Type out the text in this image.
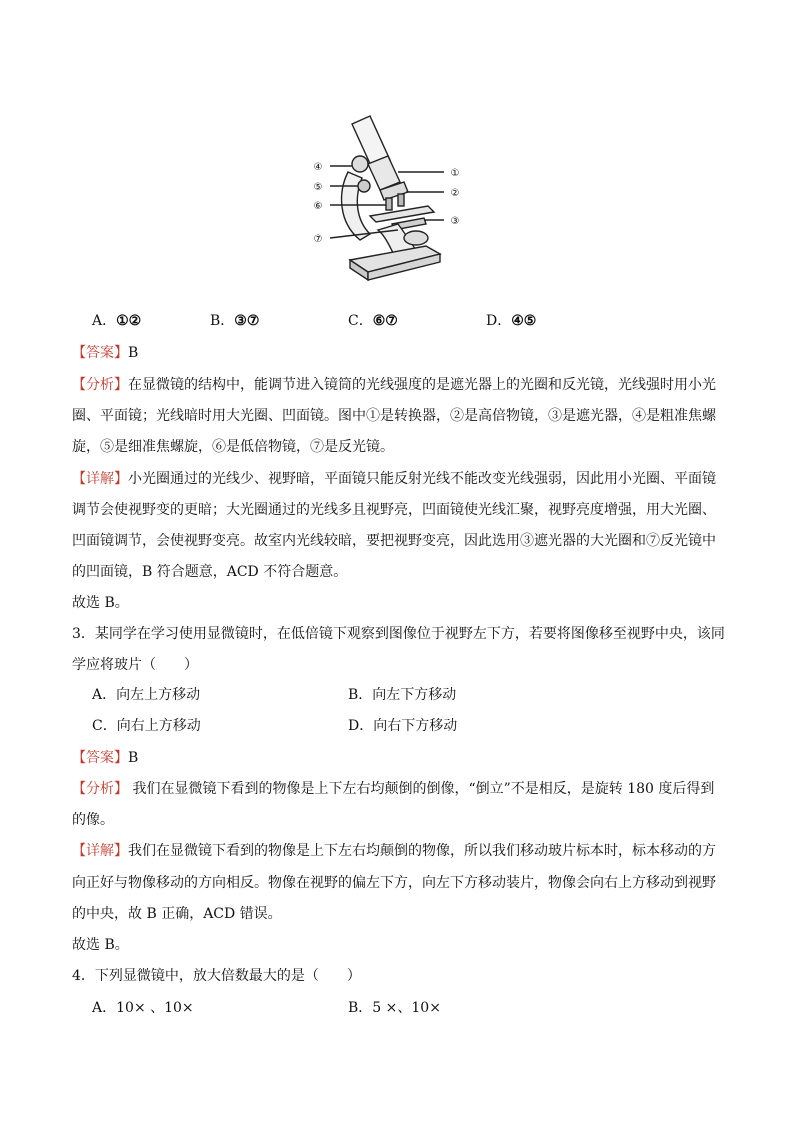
④
⑤
⑥
⑦
①
②
③
A．①②	B．③⑦	C．⑥⑦	D．④⑤
【答案】B
【分析】在显微镜的结构中，能调节进入镜筒的光线强度的是遮光器上的光圈和反光镜，光线强时用小光
圈、平面镜；光线暗时用大光圈、凹面镜。图中①是转换器，②是高倍物镜，③是遮光器，④是粗准焦螺
旋，⑤是细准焦螺旋，⑥是低倍物镜，⑦是反光镜。
【详解】小光圈通过的光线少、视野暗，平面镜只能反射光线不能改变光线强弱，因此用小光圈、平面镜
调节会使视野变的更暗；大光圈通过的光线多且视野亮，凹面镜使光线汇聚，视野亮度增强，用大光圈、
凹面镜调节，会使视野变亮。故室内光线较暗，要把视野变亮，因此选用③遮光器的大光圈和⑦反光镜中
的凹面镜，B 符合题意，ACD 不符合题意。
故选 B。
3．某同学在学习使用显微镜时，在低倍镜下观察到图像位于视野左下方，若要将图像移至视野中央，该同
学应将玻片（　　）
A．向左上方移动	B．向左下方移动
C．向右上方移动	D．向右下方移动
【答案】B
【分析】 我们在显微镜下看到的物像是上下左右均颠倒的倒像，“倒立”不是相反，是旋转 180 度后得到
的像。
【详解】我们在显微镜下看到的物像是上下左右均颠倒的物像，所以我们移动玻片标本时，标本移动的方
向正好与物像移动的方向相反。物像在视野的偏左下方，向左下方移动装片，物像会向右上方移动到视野
的中央，故 B 正确，ACD 错误。
故选 B。
4．下列显微镜中，放大倍数最大的是（　　）
A．10× 、10×	B．5 ×、10×
